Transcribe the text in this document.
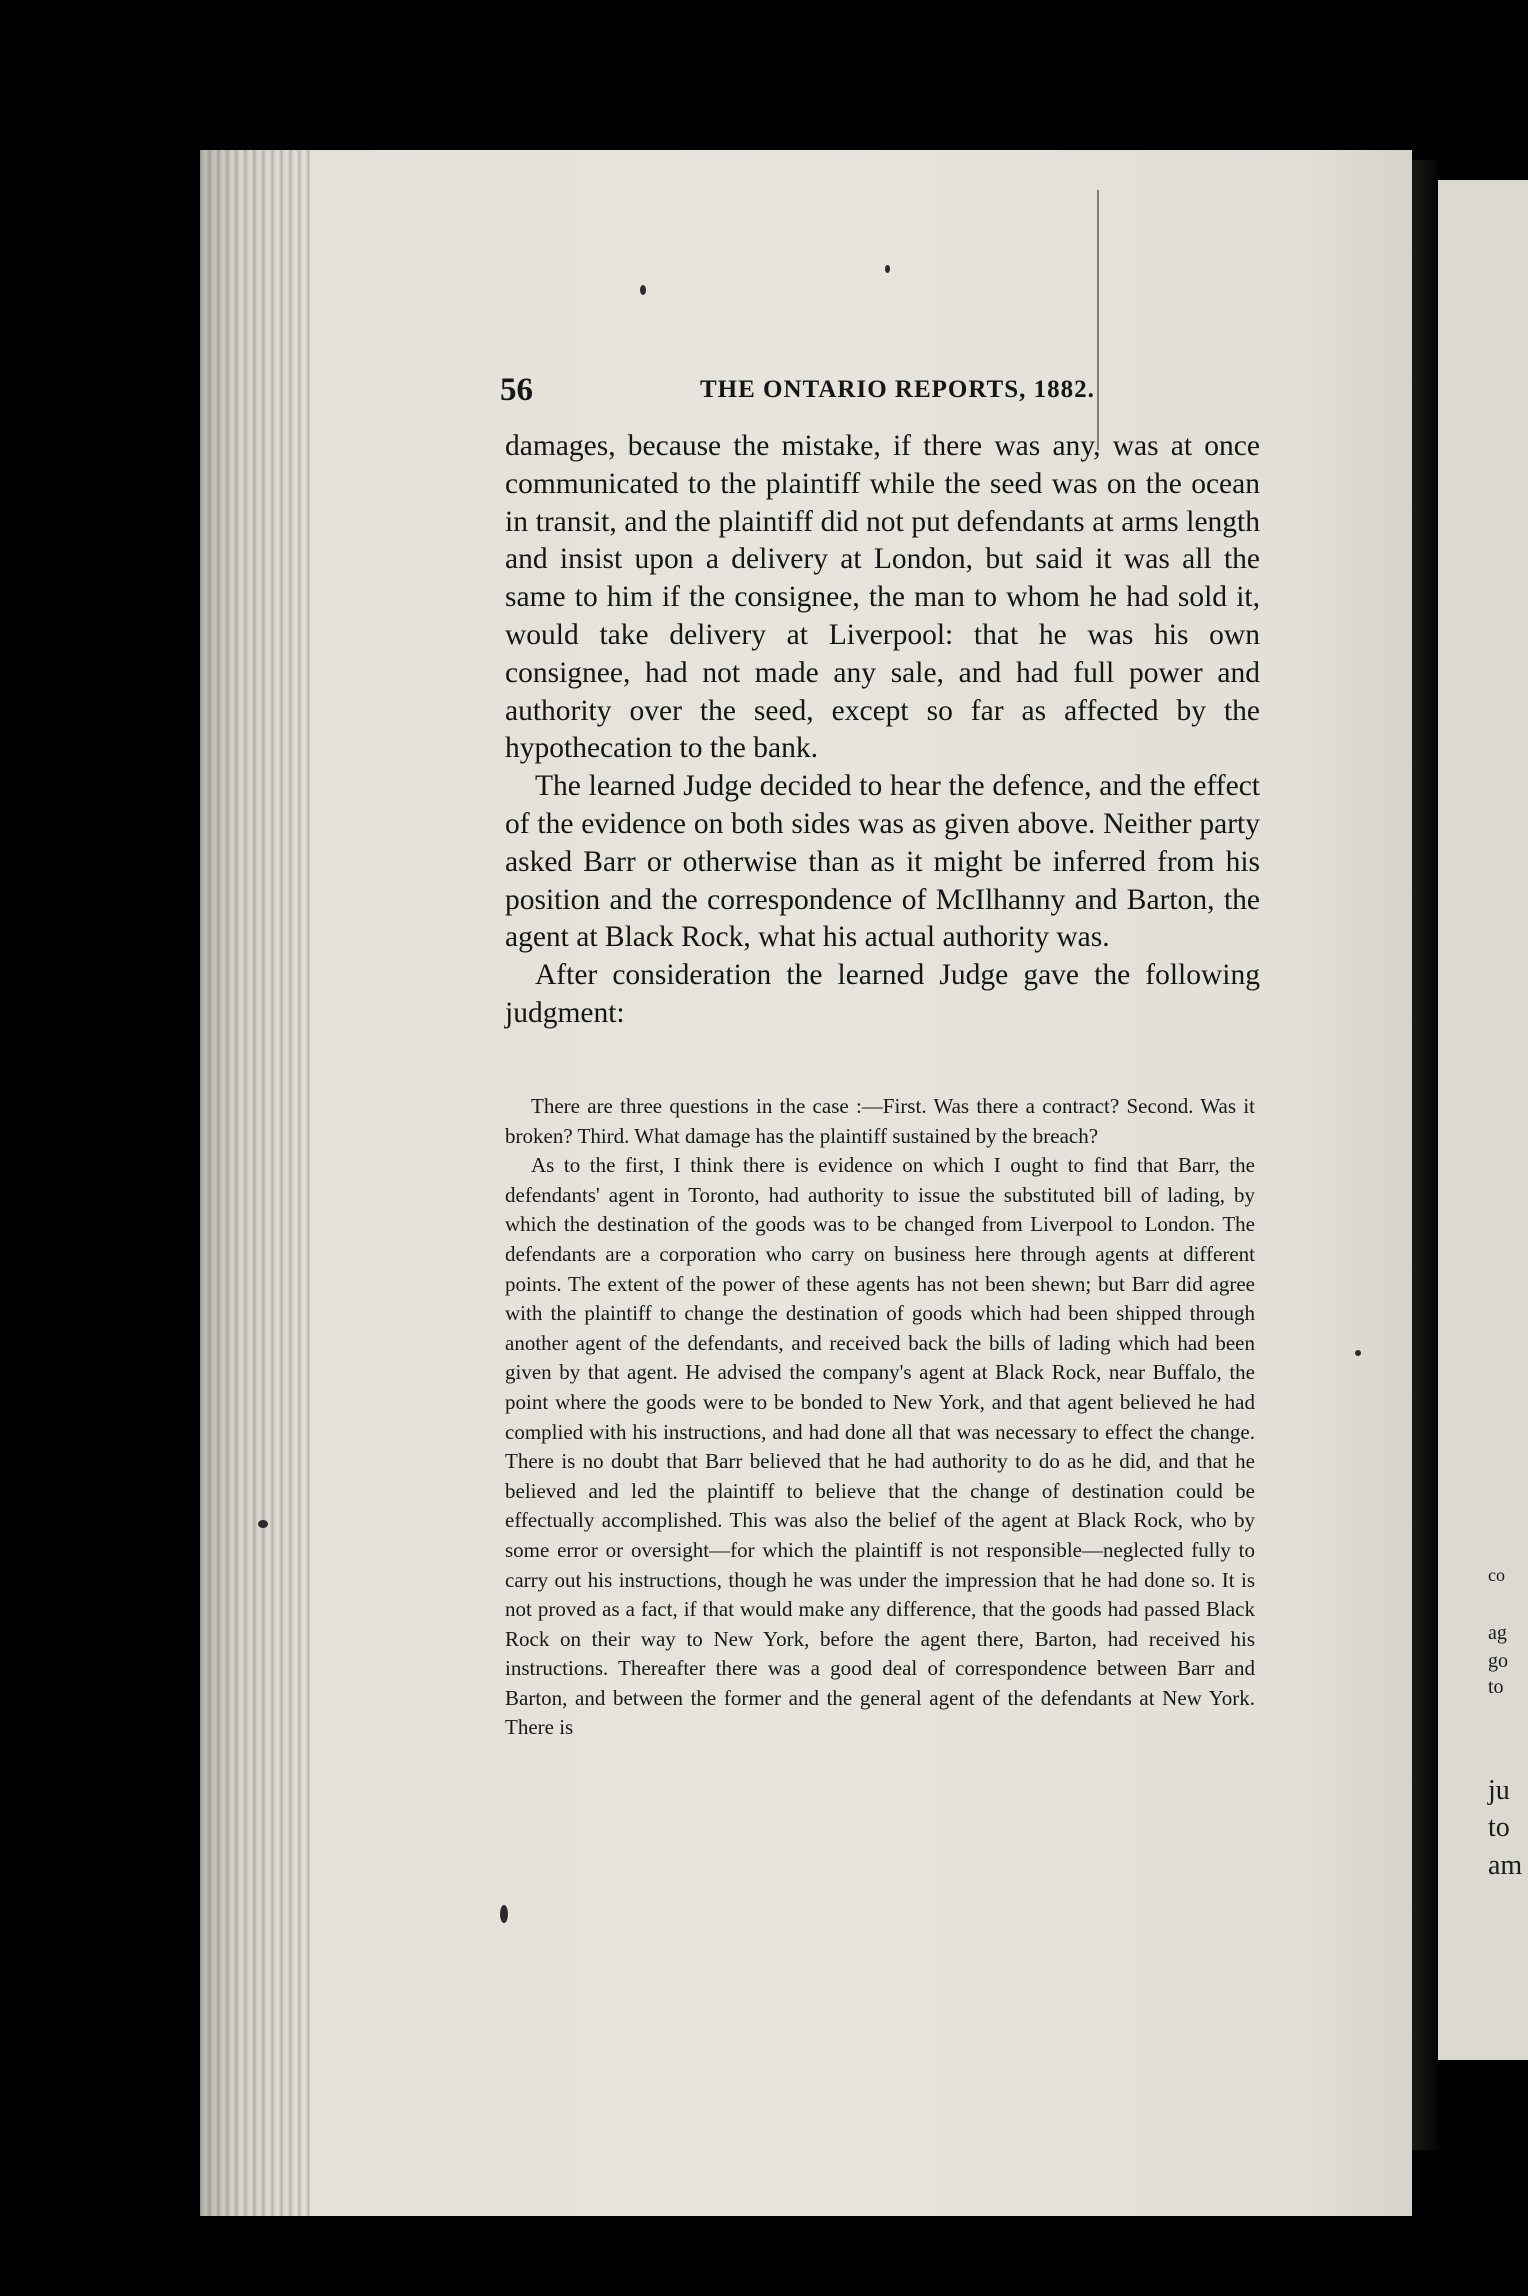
co
ag
go
to
ju
to
am
56	THE ONTARIO REPORTS, 1882.

damages, because the mistake, if there was any, was at once communicated to the plaintiff while the seed was on the ocean in transit, and the plaintiff did not put defendants at arms length and insist upon a delivery at London, but said it was all the same to him if the consignee, the man to whom he had sold it, would take delivery at Liverpool: that he was his own consignee, had not made any sale, and had full power and authority over the seed, except so far as affected by the hypothecation to the bank.

The learned Judge decided to hear the defence, and the effect of the evidence on both sides was as given above. Neither party asked Barr or otherwise than as it might be inferred from his position and the correspondence of McIlhanny and Barton, the agent at Black Rock, what his actual authority was.

After consideration the learned Judge gave the following judgment:

There are three questions in the case :—First. Was there a contract? Second. Was it broken? Third. What damage has the plaintiff sustained by the breach?

As to the first, I think there is evidence on which I ought to find that Barr, the defendants' agent in Toronto, had authority to issue the substituted bill of lading, by which the destination of the goods was to be changed from Liverpool to London. The defendants are a corporation who carry on business here through agents at different points. The extent of the power of these agents has not been shewn; but Barr did agree with the plaintiff to change the destination of goods which had been shipped through another agent of the defendants, and received back the bills of lading which had been given by that agent. He advised the company's agent at Black Rock, near Buffalo, the point where the goods were to be bonded to New York, and that agent believed he had complied with his instructions, and had done all that was necessary to effect the change. There is no doubt that Barr believed that he had authority to do as he did, and that he believed and led the plaintiff to believe that the change of destination could be effectually accomplished. This was also the belief of the agent at Black Rock, who by some error or oversight—for which the plaintiff is not responsible—neglected fully to carry out his instructions, though he was under the impression that he had done so. It is not proved as a fact, if that would make any difference, that the goods had passed Black Rock on their way to New York, before the agent there, Barton, had received his instructions. Thereafter there was a good deal of correspondence between Barr and Barton, and between the former and the general agent of the defendants at New York. There is
